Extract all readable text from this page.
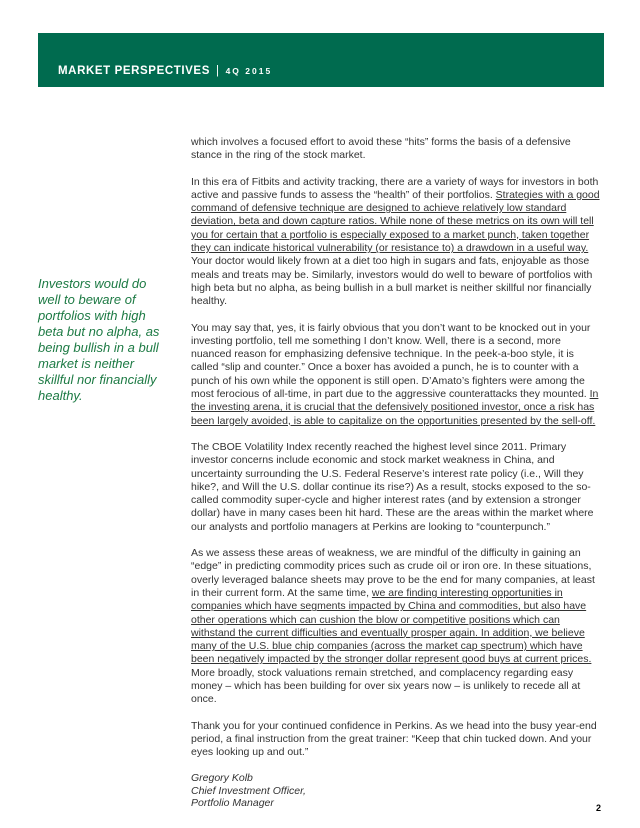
MARKET PERSPECTIVES | 4Q 2015
Investors would do well to beware of portfolios with high beta but no alpha, as being bullish in a bull market is neither skillful nor financially healthy.

which involves a focused effort to avoid these “hits” forms the basis of a defensive stance in the ring of the stock market.

In this era of Fitbits and activity tracking, there are a variety of ways for investors in both active and passive funds to assess the “health” of their portfolios. Strategies with a good command of defensive technique are designed to achieve relatively low standard deviation, beta and down capture ratios. While none of these metrics on its own will tell you for certain that a portfolio is especially exposed to a market punch, taken together they can indicate historical vulnerability (or resistance to) a drawdown in a useful way. Your doctor would likely frown at a diet too high in sugars and fats, enjoyable as those meals and treats may be. Similarly, investors would do well to beware of portfolios with high beta but no alpha, as being bullish in a bull market is neither skillful nor financially healthy.

You may say that, yes, it is fairly obvious that you don’t want to be knocked out in your investing portfolio, tell me something I don’t know. Well, there is a second, more nuanced reason for emphasizing defensive technique. In the peek-a-boo style, it is called “slip and counter.” Once a boxer has avoided a punch, he is to counter with a punch of his own while the opponent is still open. D’Amato’s fighters were among the most ferocious of all-time, in part due to the aggressive counterattacks they mounted. In the investing arena, it is crucial that the defensively positioned investor, once a risk has been largely avoided, is able to capitalize on the opportunities presented by the sell-off.

The CBOE Volatility Index recently reached the highest level since 2011. Primary investor concerns include economic and stock market weakness in China, and uncertainty surrounding the U.S. Federal Reserve’s interest rate policy (i.e., Will they hike?, and Will the U.S. dollar continue its rise?) As a result, stocks exposed to the so-called commodity super-cycle and higher interest rates (and by extension a stronger dollar) have in many cases been hit hard. These are the areas within the market where our analysts and portfolio managers at Perkins are looking to “counterpunch.”

As we assess these areas of weakness, we are mindful of the difficulty in gaining an “edge” in predicting commodity prices such as crude oil or iron ore. In these situations, overly leveraged balance sheets may prove to be the end for many companies, at least in their current form. At the same time, we are finding interesting opportunities in companies which have segments impacted by China and commodities, but also have other operations which can cushion the blow or competitive positions which can withstand the current difficulties and eventually prosper again. In addition, we believe many of the U.S. blue chip companies (across the market cap spectrum) which have been negatively impacted by the stronger dollar represent good buys at current prices. More broadly, stock valuations remain stretched, and complacency regarding easy money – which has been building for over six years now – is unlikely to recede all at once.

Thank you for your continued confidence in Perkins. As we head into the busy year-end period, a final instruction from the great trainer: “Keep that chin tucked down. And your eyes looking up and out.”

Gregory Kolb
Chief Investment Officer,
Portfolio Manager	2
